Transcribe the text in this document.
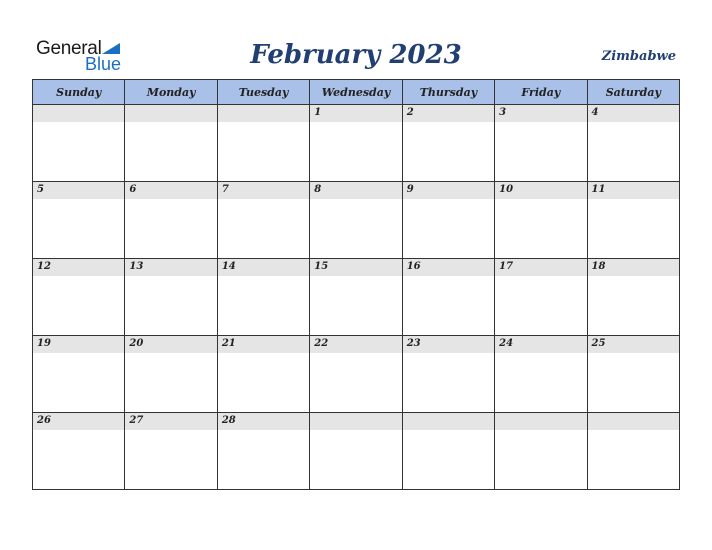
General
Blue	February 2023	Zimbabwe
Sunday	Monday	Tuesday	Wednesday	Thursday	Friday	Saturday

			1	2	3	4

5	6	7	8	9	10	11

12	13	14	15	16	17	18

19	20	21	22	23	24	25

26	27	28				
